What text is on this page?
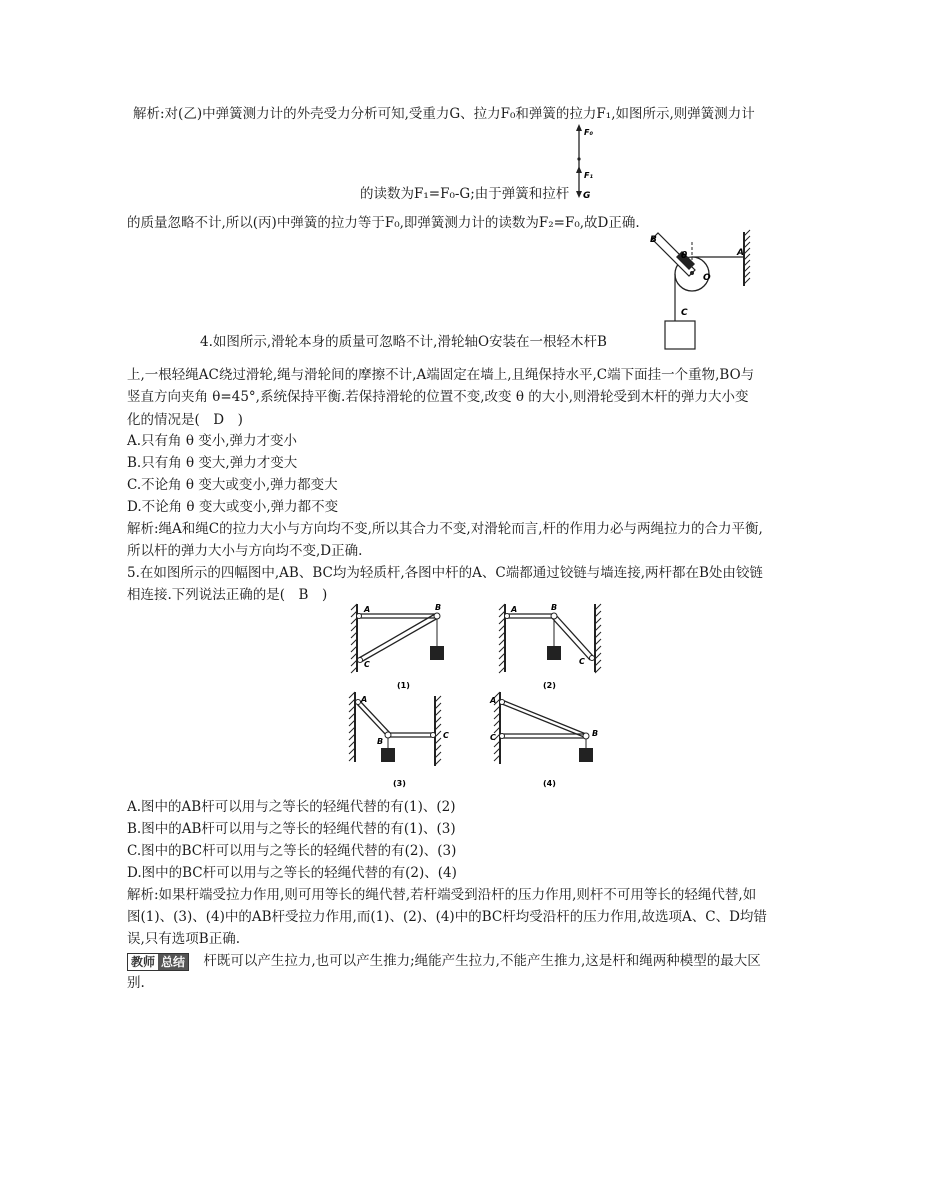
解析:对(乙)中弹簧测力计的外壳受力分析可知,受重力G、拉力F₀和弹簧的拉力F₁,如图所示,则弹簧测力计
F₀
F₁
G
的读数为F₁=F₀-G;由于弹簧和拉杆
的质量忽略不计,所以(丙)中弹簧的拉力等于F₀,即弹簧测力计的读数为F₂=F₀,故D正确.
B
θ	A
O
C
4.如图所示,滑轮本身的质量可忽略不计,滑轮轴O安装在一根轻木杆B
上,一根轻绳AC绕过滑轮,绳与滑轮间的摩擦不计,A端固定在墙上,且绳保持水平,C端下面挂一个重物,BO与
竖直方向夹角 θ=45°,系统保持平衡.若保持滑轮的位置不变,改变 θ 的大小,则滑轮受到木杆的弹力大小变
化的情况是(　D　)
A.只有角 θ 变小,弹力才变小
B.只有角 θ 变大,弹力才变大
C.不论角 θ 变大或变小,弹力都变大
D.不论角 θ 变大或变小,弹力都不变
解析:绳A和绳C的拉力大小与方向均不变,所以其合力不变,对滑轮而言,杆的作用力必与两绳拉力的合力平衡,
所以杆的弹力大小与方向均不变,D正确.
5.在如图所示的四幅图中,AB、BC均为轻质杆,各图中杆的A、C端都通过铰链与墙连接,两杆都在B处由铰链
相连接.下列说法正确的是(　B　)
A	B
C
(1)
A	B
C
(2)
A
B
C
(3)
A
B
C
(4)
A.图中的AB杆可以用与之等长的轻绳代替的有(1)、(2)
B.图中的AB杆可以用与之等长的轻绳代替的有(1)、(3)
C.图中的BC杆可以用与之等长的轻绳代替的有(2)、(3)
D.图中的BC杆可以用与之等长的轻绳代替的有(2)、(4)
解析:如果杆端受拉力作用,则可用等长的绳代替,若杆端受到沿杆的压力作用,则杆不可用等长的轻绳代替,如
图(1)、(3)、(4)中的AB杆受拉力作用,而(1)、(2)、(4)中的BC杆均受沿杆的压力作用,故选项A、C、D均错
误,只有选项B正确.
教师 总结 杆既可以产生拉力,也可以产生推力;绳能产生拉力,不能产生推力,这是杆和绳两种模型的最大区
别.
